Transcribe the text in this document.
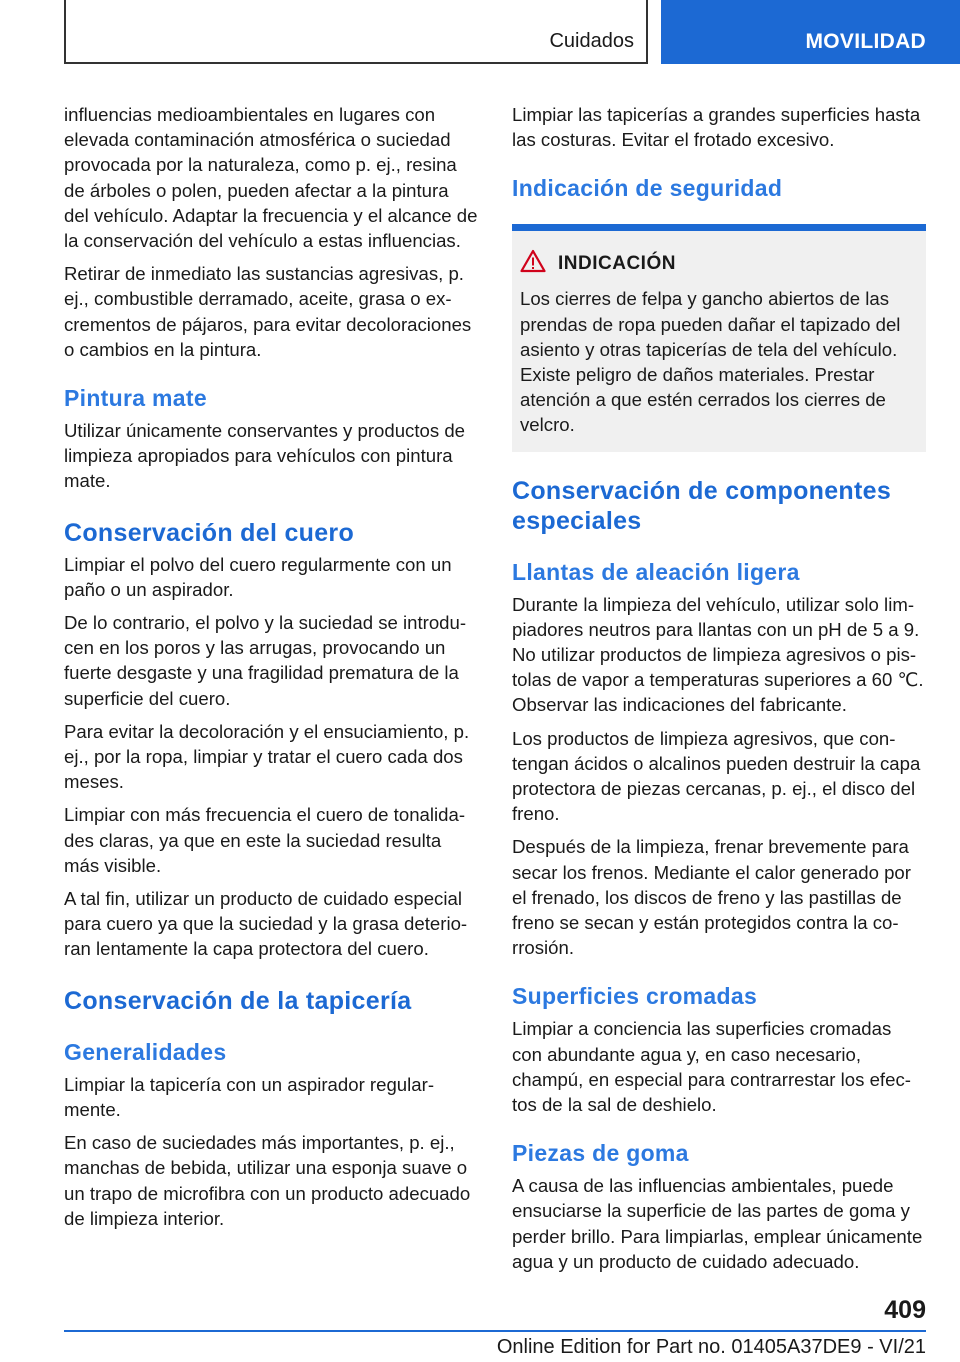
Cuidados	MOVILIDAD

influencias medioambientales en lugares con elevada contaminación atmosférica o suciedad provocada por la naturaleza, como p. ej., resina de árboles o polen, pueden afectar a la pintura del vehículo. Adaptar la frecuencia y el alcance de la conservación del vehículo a estas influencias.

Retirar de inmediato las sustancias agresivas, p. ej., combustible derramado, aceite, grasa o excrementos de pájaros, para evitar decoloraciones o cambios en la pintura.

Pintura mate

Utilizar únicamente conservantes y productos de limpieza apropiados para vehículos con pintura mate.

Conservación del cuero

Limpiar el polvo del cuero regularmente con un paño o un aspirador.

De lo contrario, el polvo y la suciedad se introducen en los poros y las arrugas, provocando un fuerte desgaste y una fragilidad prematura de la superficie del cuero.

Para evitar la decoloración y el ensuciamiento, p. ej., por la ropa, limpiar y tratar el cuero cada dos meses.

Limpiar con más frecuencia el cuero de tonalidades claras, ya que en este la suciedad resulta más visible.

A tal fin, utilizar un producto de cuidado especial para cuero ya que la suciedad y la grasa deterioran lentamente la capa protectora del cuero.

Conservación de la tapicería
Generalidades

Limpiar la tapicería con un aspirador regularmente.

En caso de suciedades más importantes, p. ej., manchas de bebida, utilizar una esponja suave o un trapo de microfibra con un producto adecuado de limpieza interior.

Limpiar las tapicerías a grandes superficies hasta las costuras. Evitar el frotado excesivo.

Indicación de seguridad
INDICACIÓN

Los cierres de felpa y gancho abiertos de las prendas de ropa pueden dañar el tapizado del asiento y otras tapicerías de tela del vehículo. Existe peligro de daños materiales. Prestar atención a que estén cerrados los cierres de velcro.

Conservación de componentes especiales
Llantas de aleación ligera

Durante la limpieza del vehículo, utilizar solo limpiadores neutros para llantas con un pH de 5 a 9. No utilizar productos de limpieza agresivos o pistolas de vapor a temperaturas superiores a 60 ℃. Observar las indicaciones del fabricante.

Los productos de limpieza agresivos, que contengan ácidos o alcalinos pueden destruir la capa protectora de piezas cercanas, p. ej., el disco del freno.

Después de la limpieza, frenar brevemente para secar los frenos. Mediante el calor generado por el frenado, los discos de freno y las pastillas de freno se secan y están protegidos contra la corrosión.

Superficies cromadas

Limpiar a conciencia las superficies cromadas con abundante agua y, en caso necesario, champú, en especial para contrarrestar los efectos de la sal de deshielo.

Piezas de goma

A causa de las influencias ambientales, puede ensuciarse la superficie de las partes de goma y perder brillo. Para limpiarlas, emplear únicamente agua y un producto de cuidado adecuado.

409
Online Edition for Part no. 01405A37DE9 - VI/21
